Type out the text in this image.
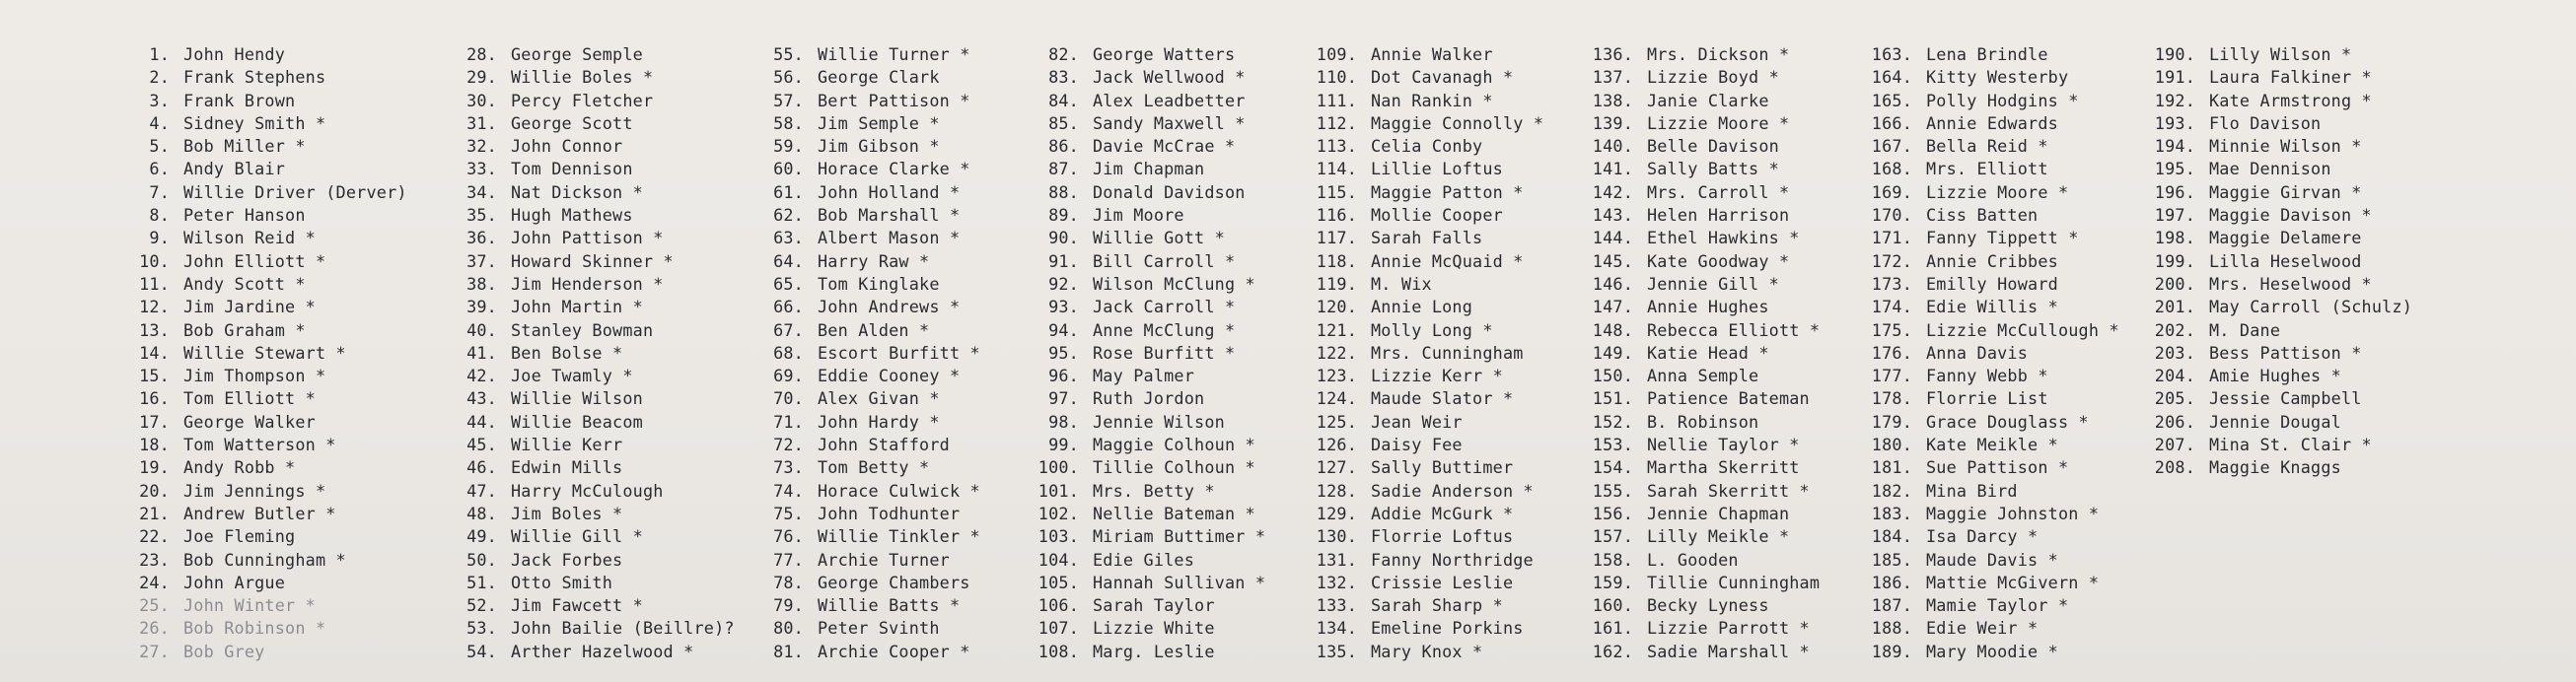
1. John Hendy
2. Frank Stephens
3. Frank Brown
4. Sidney Smith *
5. Bob Miller *
6. Andy Blair
7. Willie Driver (Derver)
8. Peter Hanson
9. Wilson Reid *
10. John Elliott *
11. Andy Scott *
12. Jim Jardine *
13. Bob Graham *
14. Willie Stewart *
15. Jim Thompson *
16. Tom Elliott *
17. George Walker
18. Tom Watterson *
19. Andy Robb *
20. Jim Jennings *
21. Andrew Butler *
22. Joe Fleming
23. Bob Cunningham *
24. John Argue
25. John Winter *
26. Bob Robinson *
27. Bob Grey
28. George Semple
29. Willie Boles *
30. Percy Fletcher
31. George Scott
32. John Connor
33. Tom Dennison
34. Nat Dickson *
35. Hugh Mathews
36. John Pattison *
37. Howard Skinner *
38. Jim Henderson *
39. John Martin *
40. Stanley Bowman
41. Ben Bolse *
42. Joe Twamly *
43. Willie Wilson
44. Willie Beacom
45. Willie Kerr
46. Edwin Mills
47. Harry McCulough
48. Jim Boles *
49. Willie Gill *
50. Jack Forbes
51. Otto Smith
52. Jim Fawcett *
53. John Bailie (Beillre)?
54. Arther Hazelwood *
55. Willie Turner *
56. George Clark
57. Bert Pattison *
58. Jim Semple *
59. Jim Gibson *
60. Horace Clarke *
61. John Holland *
62. Bob Marshall *
63. Albert Mason *
64. Harry Raw *
65. Tom Kinglake
66. John Andrews *
67. Ben Alden *
68. Escort Burfitt *
69. Eddie Cooney *
70. Alex Givan *
71. John Hardy *
72. John Stafford
73. Tom Betty *
74. Horace Culwick *
75. John Todhunter
76. Willie Tinkler *
77. Archie Turner
78. George Chambers
79. Willie Batts *
80. Peter Svinth
81. Archie Cooper *
82. George Watters
83. Jack Wellwood *
84. Alex Leadbetter
85. Sandy Maxwell *
86. Davie McCrae *
87. Jim Chapman
88. Donald Davidson
89. Jim Moore
90. Willie Gott *
91. Bill Carroll *
92. Wilson McClung *
93. Jack Carroll *
94. Anne McClung *
95. Rose Burfitt *
96. May Palmer
97. Ruth Jordon
98. Jennie Wilson
99. Maggie Colhoun *
100. Tillie Colhoun *
101. Mrs. Betty *
102. Nellie Bateman *
103. Miriam Buttimer *
104. Edie Giles
105. Hannah Sullivan *
106. Sarah Taylor
107. Lizzie White
108. Marg. Leslie
109. Annie Walker
110. Dot Cavanagh *
111. Nan Rankin *
112. Maggie Connolly *
113. Celia Conby
114. Lillie Loftus
115. Maggie Patton *
116. Mollie Cooper
117. Sarah Falls
118. Annie McQuaid *
119. M. Wix
120. Annie Long
121. Molly Long *
122. Mrs. Cunningham
123. Lizzie Kerr *
124. Maude Slator *
125. Jean Weir
126. Daisy Fee
127. Sally Buttimer
128. Sadie Anderson *
129. Addie McGurk *
130. Florrie Loftus
131. Fanny Northridge
132. Crissie Leslie
133. Sarah Sharp *
134. Emeline Porkins
135. Mary Knox *
136. Mrs. Dickson *
137. Lizzie Boyd *
138. Janie Clarke
139. Lizzie Moore *
140. Belle Davison
141. Sally Batts *
142. Mrs. Carroll *
143. Helen Harrison
144. Ethel Hawkins *
145. Kate Goodway *
146. Jennie Gill *
147. Annie Hughes
148. Rebecca Elliott *
149. Katie Head *
150. Anna Semple
151. Patience Bateman
152. B. Robinson
153. Nellie Taylor *
154. Martha Skerritt
155. Sarah Skerritt *
156. Jennie Chapman
157. Lilly Meikle *
158. L. Gooden
159. Tillie Cunningham
160. Becky Lyness
161. Lizzie Parrott *
162. Sadie Marshall *
163. Lena Brindle
164. Kitty Westerby
165. Polly Hodgins *
166. Annie Edwards
167. Bella Reid *
168. Mrs. Elliott
169. Lizzie Moore *
170. Ciss Batten
171. Fanny Tippett *
172. Annie Cribbes
173. Emilly Howard
174. Edie Willis *
175. Lizzie McCullough *
176. Anna Davis
177. Fanny Webb *
178. Florrie List
179. Grace Douglass *
180. Kate Meikle *
181. Sue Pattison *
182. Mina Bird
183. Maggie Johnston *
184. Isa Darcy *
185. Maude Davis *
186. Mattie McGivern *
187. Mamie Taylor *
188. Edie Weir *
189. Mary Moodie *
190. Lilly Wilson *
191. Laura Falkiner *
192. Kate Armstrong *
193. Flo Davison
194. Minnie Wilson *
195. Mae Dennison
196. Maggie Girvan *
197. Maggie Davison *
198. Maggie Delamere
199. Lilla Heselwood
200. Mrs. Heselwood *
201. May Carroll (Schulz)
202. M. Dane
203. Bess Pattison *
204. Amie Hughes *
205. Jessie Campbell
206. Jennie Dougal
207. Mina St. Clair *
208. Maggie Knaggs
